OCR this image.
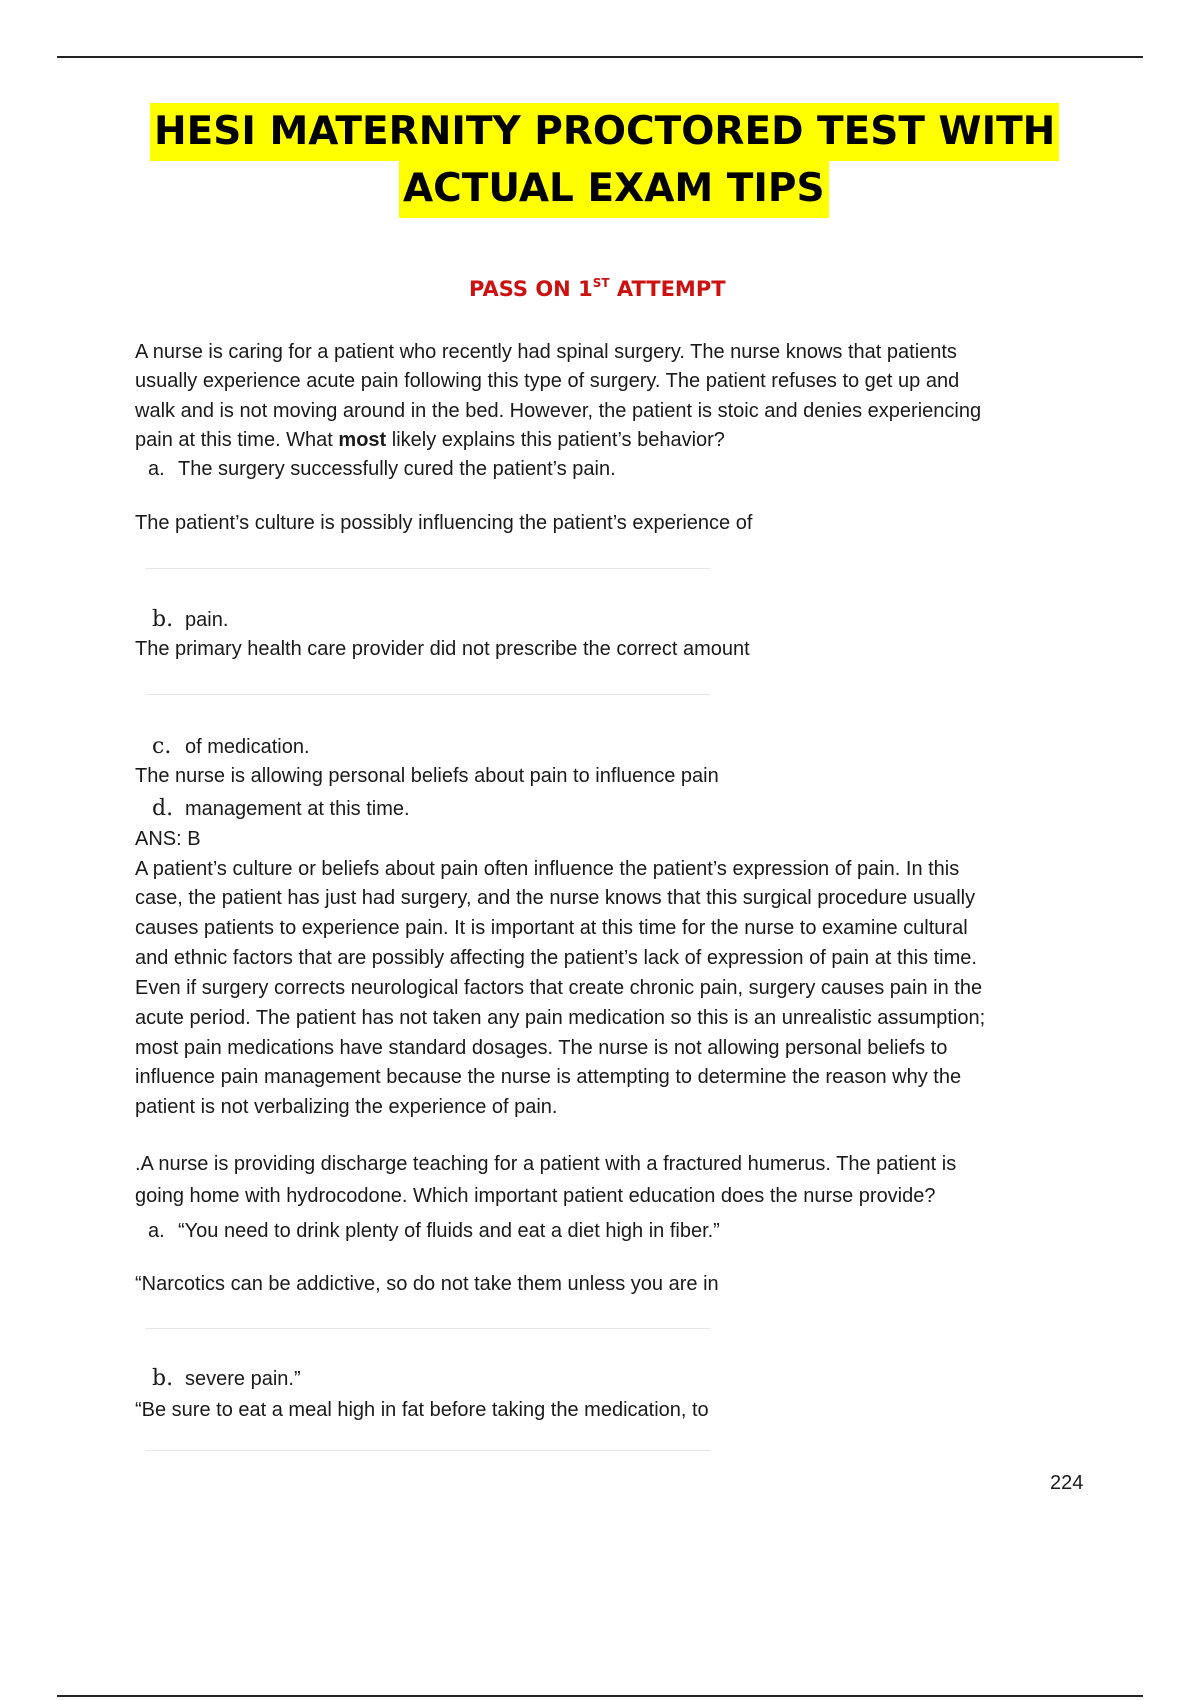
HESI MATERNITY PROCTORED TEST WITH
ACTUAL EXAM TIPS
PASS ON 1ST ATTEMPT
A nurse is caring for a patient who recently had spinal surgery. The nurse knows that patients
usually experience acute pain following this type of surgery. The patient refuses to get up and
walk and is not moving around in the bed. However, the patient is stoic and denies experiencing
pain at this time. What most likely explains this patient’s behavior?
a. The surgery successfully cured the patient’s pain.
The patient’s culture is possibly influencing the patient’s experience of
b. pain.
The primary health care provider did not prescribe the correct amount
c. of medication.
The nurse is allowing personal beliefs about pain to influence pain
d. management at this time.
ANS: B
A patient’s culture or beliefs about pain often influence the patient’s expression of pain. In this
case, the patient has just had surgery, and the nurse knows that this surgical procedure usually
causes patients to experience pain. It is important at this time for the nurse to examine cultural
and ethnic factors that are possibly affecting the patient’s lack of expression of pain at this time.
Even if surgery corrects neurological factors that create chronic pain, surgery causes pain in the
acute period. The patient has not taken any pain medication so this is an unrealistic assumption;
most pain medications have standard dosages. The nurse is not allowing personal beliefs to
influence pain management because the nurse is attempting to determine the reason why the
patient is not verbalizing the experience of pain.
.A nurse is providing discharge teaching for a patient with a fractured humerus. The patient is
going home with hydrocodone. Which important patient education does the nurse provide?
a. “You need to drink plenty of fluids and eat a diet high in fiber.”
“Narcotics can be addictive, so do not take them unless you are in
b. severe pain.”
“Be sure to eat a meal high in fat before taking the medication, to
224
